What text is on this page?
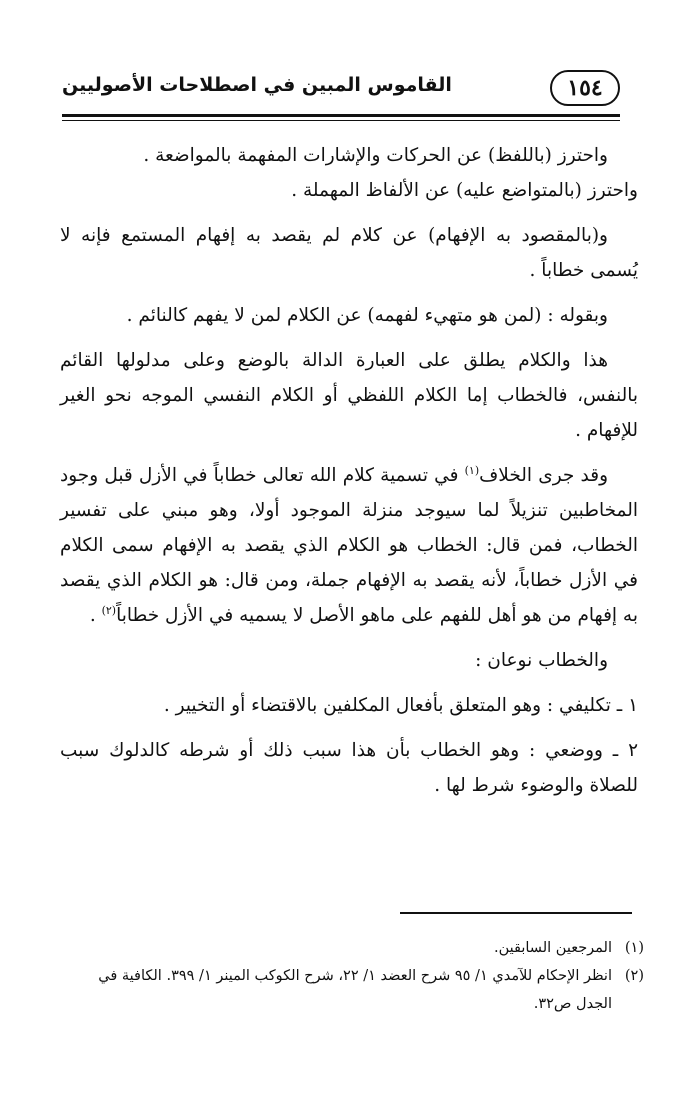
١٥٤
القاموس المبين في اصطلاحات الأصوليين

واحترز (باللفظ) عن الحركات والإشارات المفهمة بالمواضعة .
واحترز (بالمتواضع عليه) عن الألفاظ المهملة .

و(بالمقصود به الإفهام) عن كلام لم يقصد به إفهام المستمع فإنه لا يُسمى خطاباً .

وبقوله : (لمن هو متهيء لفهمه) عن الكلام لمن لا يفهم كالنائم .

هذا والكلام يطلق على العبارة الدالة بالوضع وعلى مدلولها القائم بالنفس، فالخطاب إما الكلام اللفظي أو الكلام النفسي الموجه نحو الغير للإفهام .

وقد جرى الخلاف$^{(١)}$ في تسمية كلام الله تعالى خطاباً في الأزل قبل وجود المخاطبين تنزيلاً لما سيوجد منزلة الموجود أولا، وهو مبني على تفسير الخطاب، فمن قال: الخطاب هو الكلام الذي يقصد به الإفهام سمى الكلام في الأزل خطاباً، لأنه يقصد به الإفهام جملة، ومن قال: هو الكلام الذي يقصد به إفهام من هو أهل للفهم على ماهو الأصل لا يسميه في الأزل خطاباً$^{(٢)}$ .

والخطاب نوعان :

١ ـ تكليفي : وهو المتعلق بأفعال المكلفين بالاقتضاء أو التخيير .

٢ ـ ووضعي : وهو الخطاب بأن هذا سبب ذلك أو شرطه كالدلوك سبب للصلاة والوضوء شرط لها .

(١)
المرجعين السابقين.
(٢)
انظر الإحكام للآمدي ١/ ٩٥ شرح العضد ١/ ٢٢، شرح الكوكب المينر ١/ ٣٩٩. الكافية في الجدل ص٣٢.
